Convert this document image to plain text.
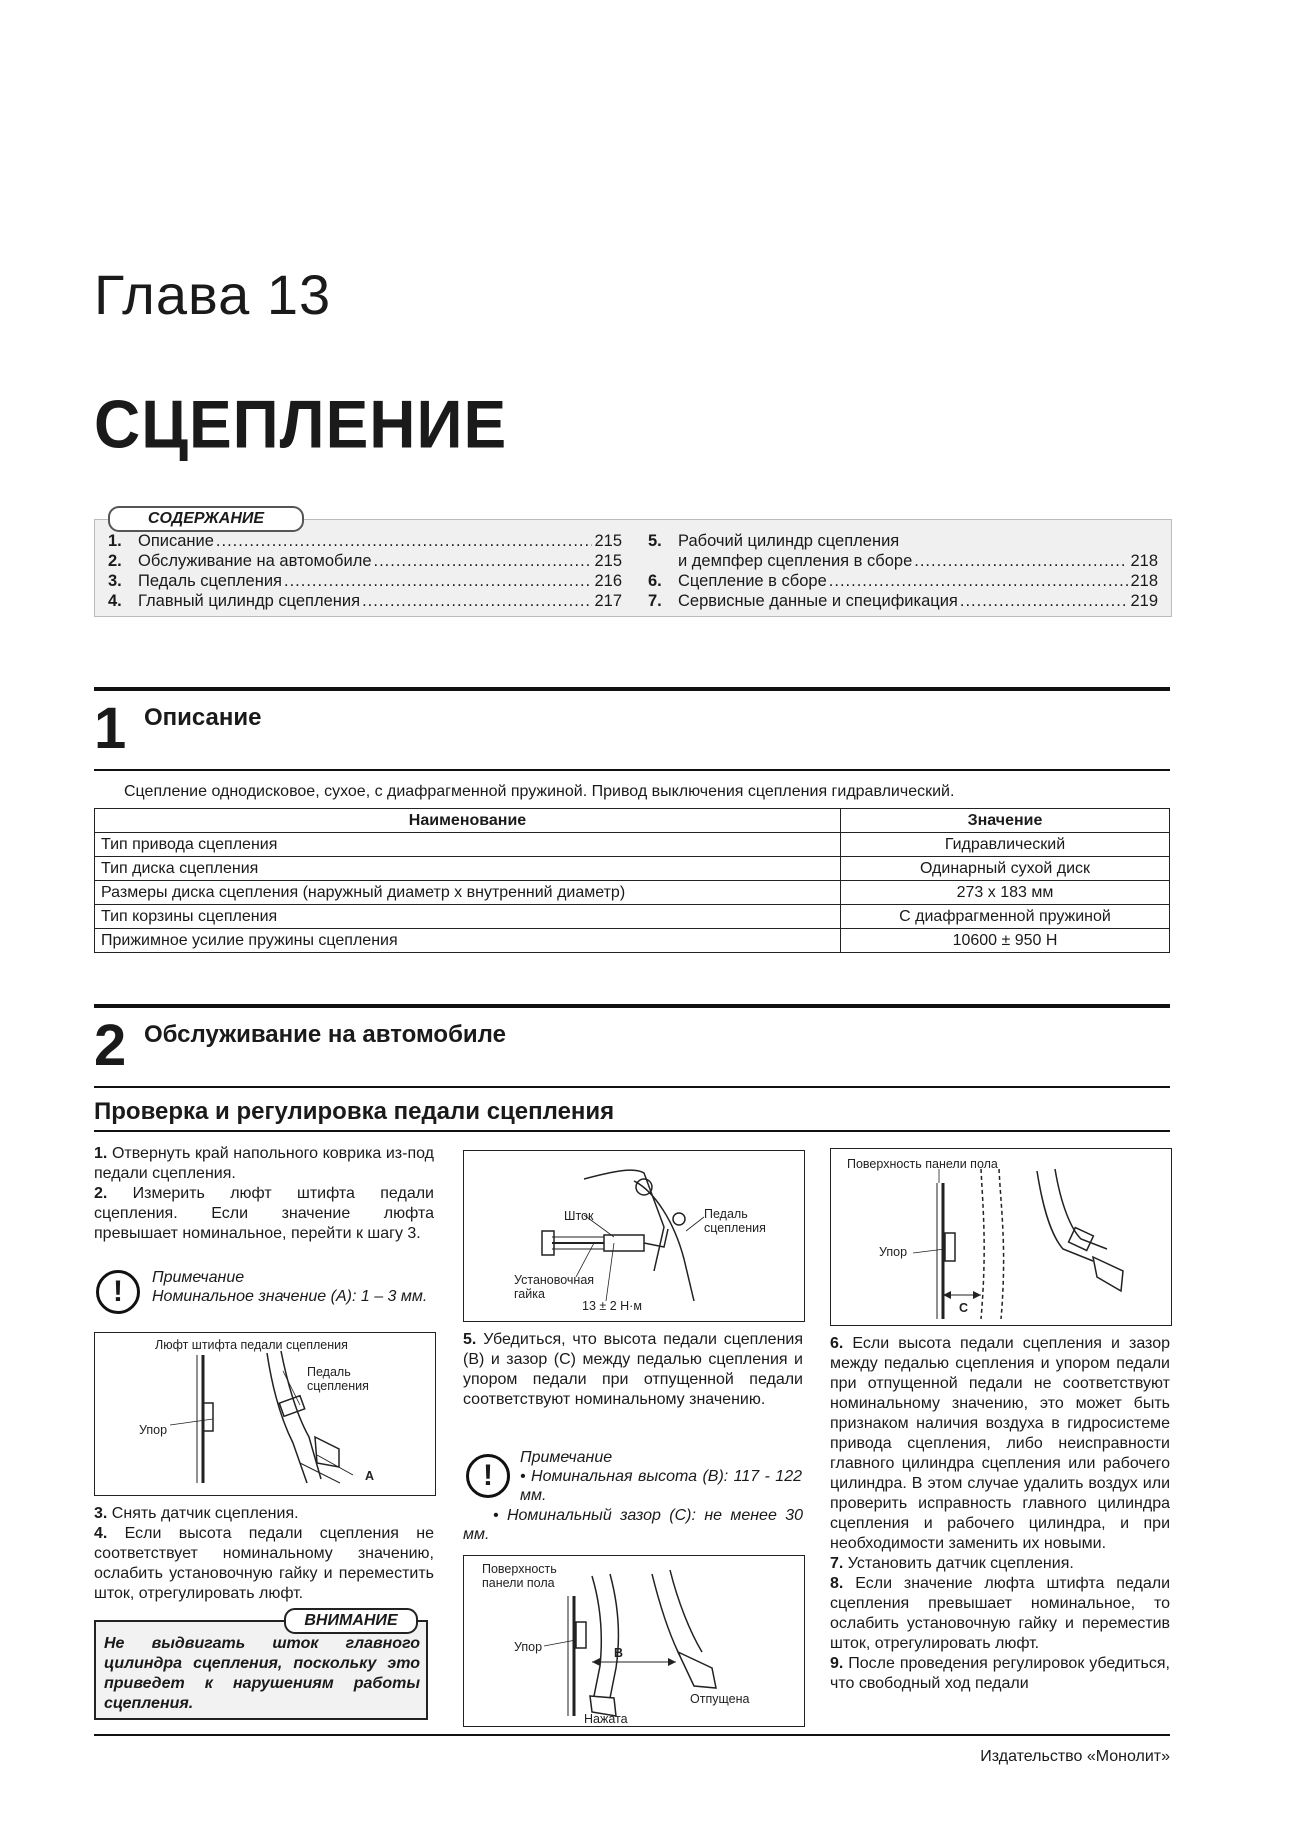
Глава 13
СЦЕПЛЕНИЕ
СОДЕРЖАНИЕ
1. Описание .....	215
2. Обслуживание на автомобиле .....	215
3. Педаль сцепления .....	216
4. Главный цилиндр сцепления .....	217
5. Рабочий цилиндр сцепления
и демпфер сцепления в сборе .....	218
6. Сцепление в сборе .....	218
7. Сервисные данные и спецификация .....	219
1 Описание
Сцепление однодисковое, сухое, с диафрагменной пружиной. Привод выключения сцепления гидравлический.
Наименование	Значение
Тип привода сцепления	Гидравлический
Тип диска сцепления	Одинарный сухой диск
Размеры диска сцепления (наружный диаметр x внутренний диаметр)	273 x 183 мм
Тип корзины сцепления	С диафрагменной пружиной
Прижимное усилие пружины сцепления	10600 ± 950 Н
2 Обслуживание на автомобиле
Проверка и регулировка педали сцепления
1. Отвернуть край напольного коврика из-под педали сцепления.
2. Измерить люфт штифта педали сцепления. Если значение люфта превышает номинальное, перейти к шагу 3.
!	Примечание
Номинальное значение (A): 1 – 3 мм.
Люфт штифта педали сцепления
Педаль сцепления
Упор
A
3. Снять датчик сцепления.
4. Если высота педали сцепления не соответствует номинальному значению, ослабить установочную гайку и переместить шток, отрегулировать люфт.
ВНИМАНИЕ
Не выдвигать шток главного цилиндра сцепления, поскольку это приведет к нарушениям работы сцепления.
Шток	Педаль сцепления
Установочная гайка
13 ± 2 Н·м
5. Убедиться, что высота педали сцепления (B) и зазор (C) между педалью сцепления и упором педали при отпущенной педали соответствуют номинальному значению.
!
Примечание
• Номинальная высота (B): 117 - 122 мм.
• Номинальный зазор (C): не менее 30 мм.
Поверхность панели пола
Упор	B
Нажата
Отпущена
Поверхность панели пола
Упор
C
6. Если высота педали сцепления и зазор между педалью сцепления и упором педали при отпущенной педали не соответствуют номинальному значению, это может быть признаком наличия воздуха в гидросистеме привода сцепления, либо неисправности главного цилиндра сцепления или рабочего цилиндра. В этом случае удалить воздух или проверить исправность главного цилиндра сцепления и рабочего цилиндра, и при необходимости заменить их новыми.
7. Установить датчик сцепления.
8. Если значение люфта штифта педали сцепления превышает номинальное, то ослабить установочную гайку и переместив шток, отрегулировать люфт.
9. После проведения регулировок убедиться, что свободный ход педали
Издательство «Монолит»
